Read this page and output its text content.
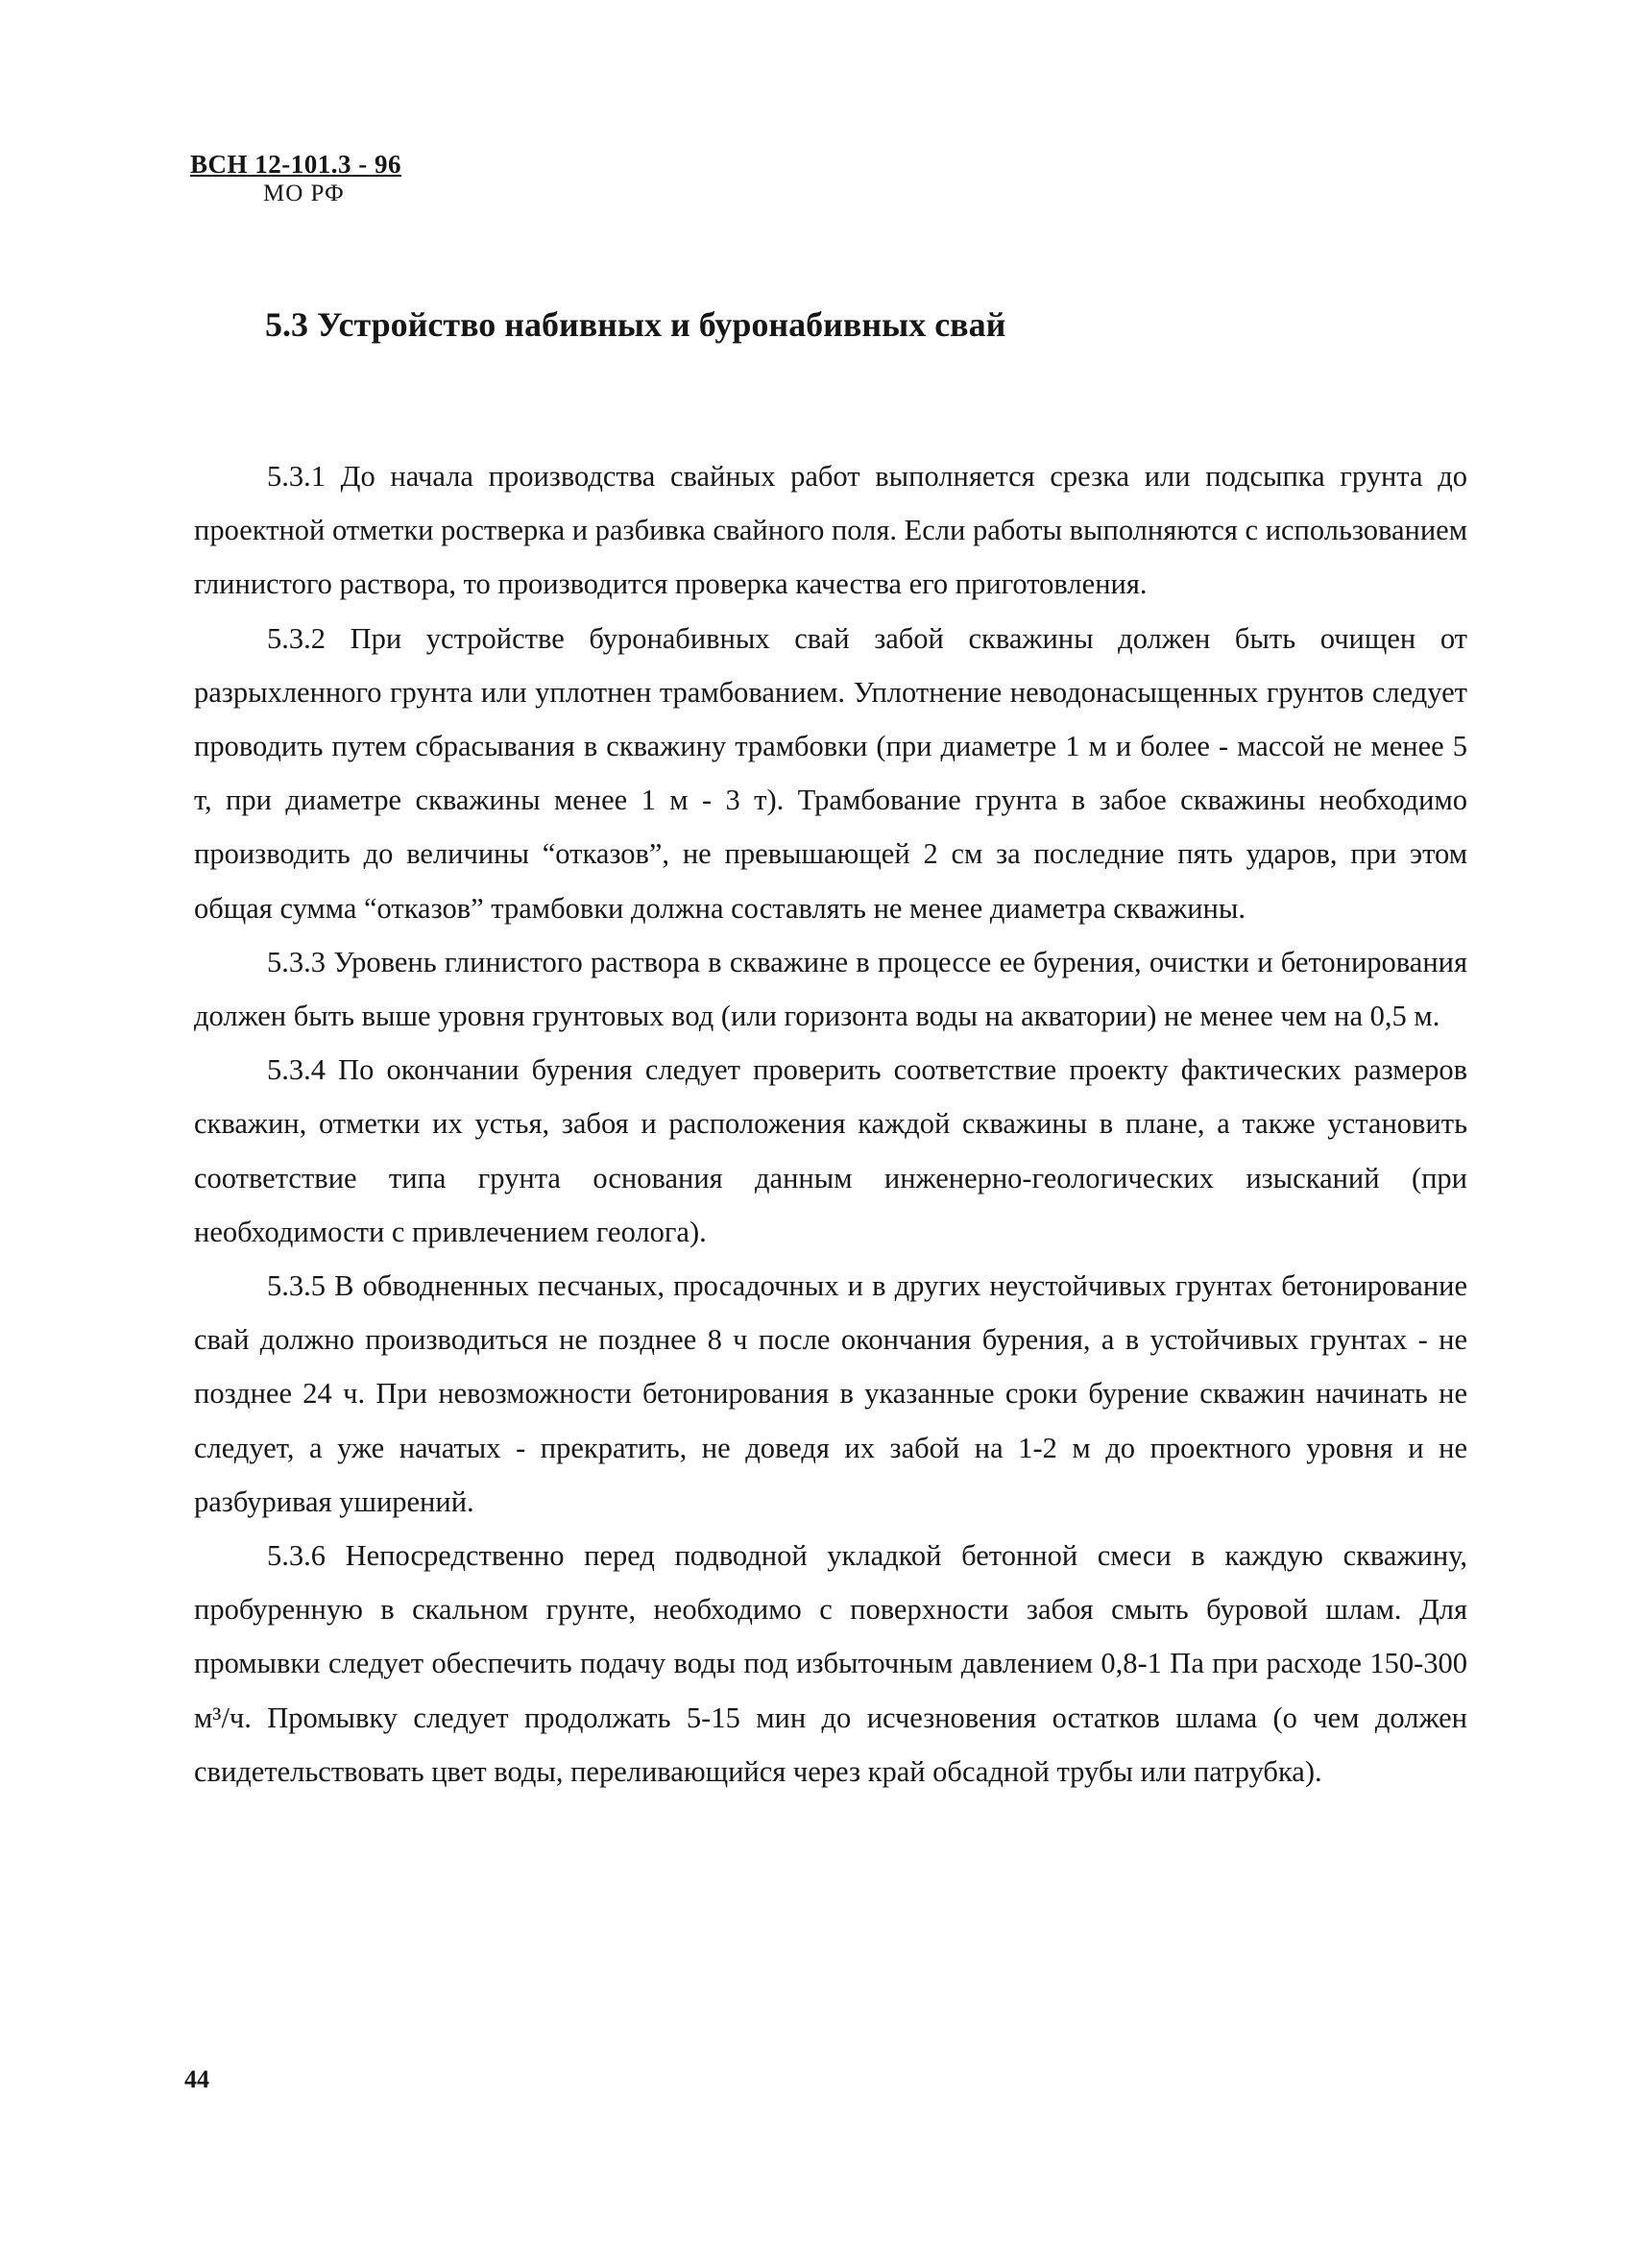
ВСН 12-101.3 - 96
МО РФ
5.3 Устройство набивных и буронабивных свай

5.3.1 До начала производства свайных работ выполняется срезка или подсыпка грунта до проектной отметки ростверка и разбивка свайного поля. Если работы выполняются с использованием глинистого раствора, то производится проверка качества его приготовления.

5.3.2 При устройстве буронабивных свай забой скважины должен быть очищен от разрыхленного грунта или уплотнен трамбованием. Уплотнение неводонасыщенных грунтов следует проводить путем сбрасывания в скважину трамбовки (при диаметре 1 м и более - массой не менее 5 т, при диаметре скважины менее 1 м - 3 т). Трамбование грунта в забое скважины необходимо производить до величины “отказов”, не превышающей 2 см за последние пять ударов, при этом общая сумма “отказов” трамбовки должна составлять не менее диаметра скважины.

5.3.3 Уровень глинистого раствора в скважине в процессе ее бурения, очистки и бетонирования должен быть выше уровня грунтовых вод (или горизонта воды на акватории) не менее чем на 0,5 м.

5.3.4 По окончании бурения следует проверить соответствие проекту фактических размеров скважин, отметки их устья, забоя и расположения каждой скважины в плане, а также установить соответствие типа грунта основания данным инженерно-геологических изысканий (при необходимости с привлечением геолога).

5.3.5 В обводненных песчаных, просадочных и в других неустойчивых грунтах бетонирование свай должно производиться не позднее 8 ч после окончания бурения, а в устойчивых грунтах - не позднее 24 ч. При невозможности бетонирования в указанные сроки бурение скважин начинать не следует, а уже начатых - прекратить, не доведя их забой на 1-2 м до проектного уровня и не разбуривая уширений.

5.3.6 Непосредственно перед подводной укладкой бетонной смеси в каждую скважину, пробуренную в скальном грунте, необходимо с поверхности забоя смыть буровой шлам. Для промывки следует обеспечить подачу воды под избыточным давлением 0,8-1 Па при расходе 150-300 м³/ч. Промывку следует продолжать 5-15 мин до исчезновения остатков шлама (о чем должен свидетельствовать цвет воды, переливающийся через край обсадной трубы или патрубка).

44
